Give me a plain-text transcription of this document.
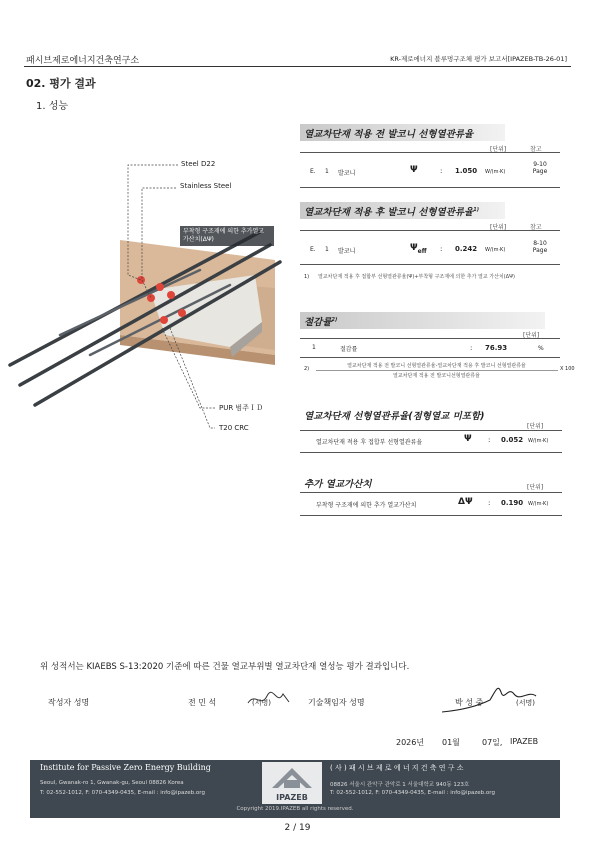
패시브제로에너지건축연구소	KR-제로에너지 블루멍구조체 평가 보고서[IPAZEB-TB-26-01]
02. 평가 결과
1. 성능
Steel D22
Stainless Steel
부착형 구조재에 의한 추가열교 가산치(ΔΨ)
PUR 범주ＩＤ
T20 CRC
열교차단재 적용 전 발코니 선형열관류율
[단위]	참고
E. 1 발코니	Ψ	: 1.050 W/(m·K)
9-10 Page
열교차단재 적용 후 발코니 선형열관류율$^{1)}$
[단위]	참고
E. 1 발코니	$\Psi_{eff}$ : 0.242 W/(m·K)
8-10 Page
1) 열교차단재 적용 후 접합부 선형열관류율(Ψ)+부착형 구조재에 의한 추가 열교 가산치(ΔΨ)
절감률$^{2)}$
[단위]
1	절감률	: 76.93	%
2)	열교차단재 적용 전 발코니 선형열관류율-열교차단재 적용 후 발코니 선형열관류율
열교차단재 적용 전 발코니선형열관류율
X 100
열교차단재 선형열관류율(점형열교 미포함)
[단위]
열교차단재 적용 후 접합부 선형열관류율	Ψ : 0.052 W/(m·K)
추가 열교가산치	[단위]
부착형 구조재에 의한 추가 열교가산치	ΔΨ : 0.190 W/(m·K)
위 성적서는 KIAEBS S-13:2020 기준에 따른 건물 열교부위별 열교차단재 열성능 평가 결과입니다.
작성자 성명	전 민 석	(서명)	기술책임자 성명	박 성 중	(서명)
2026년 01월	07일, IPAZEB
Institute for Passive Zero Energy Building	( 사 ) 패 시 브 제 로 에 너 지 건 축 연 구 소
Seoul, Gwanak-ro 1, Gwanak-gu, Seoul 08826 Korea
T: 02-552-1012, F: 070-4349-0435, E-mail : info@ipazeb.org
08826 서울시 관악구 관악로 1 서울대학교 940동 123호
T: 02-552-1012, F: 070-4349-0435, E-mail : info@ipazeb.org
IPAZEB
Copyright 2019.IPAZEB all rights reserved.
2 / 19
